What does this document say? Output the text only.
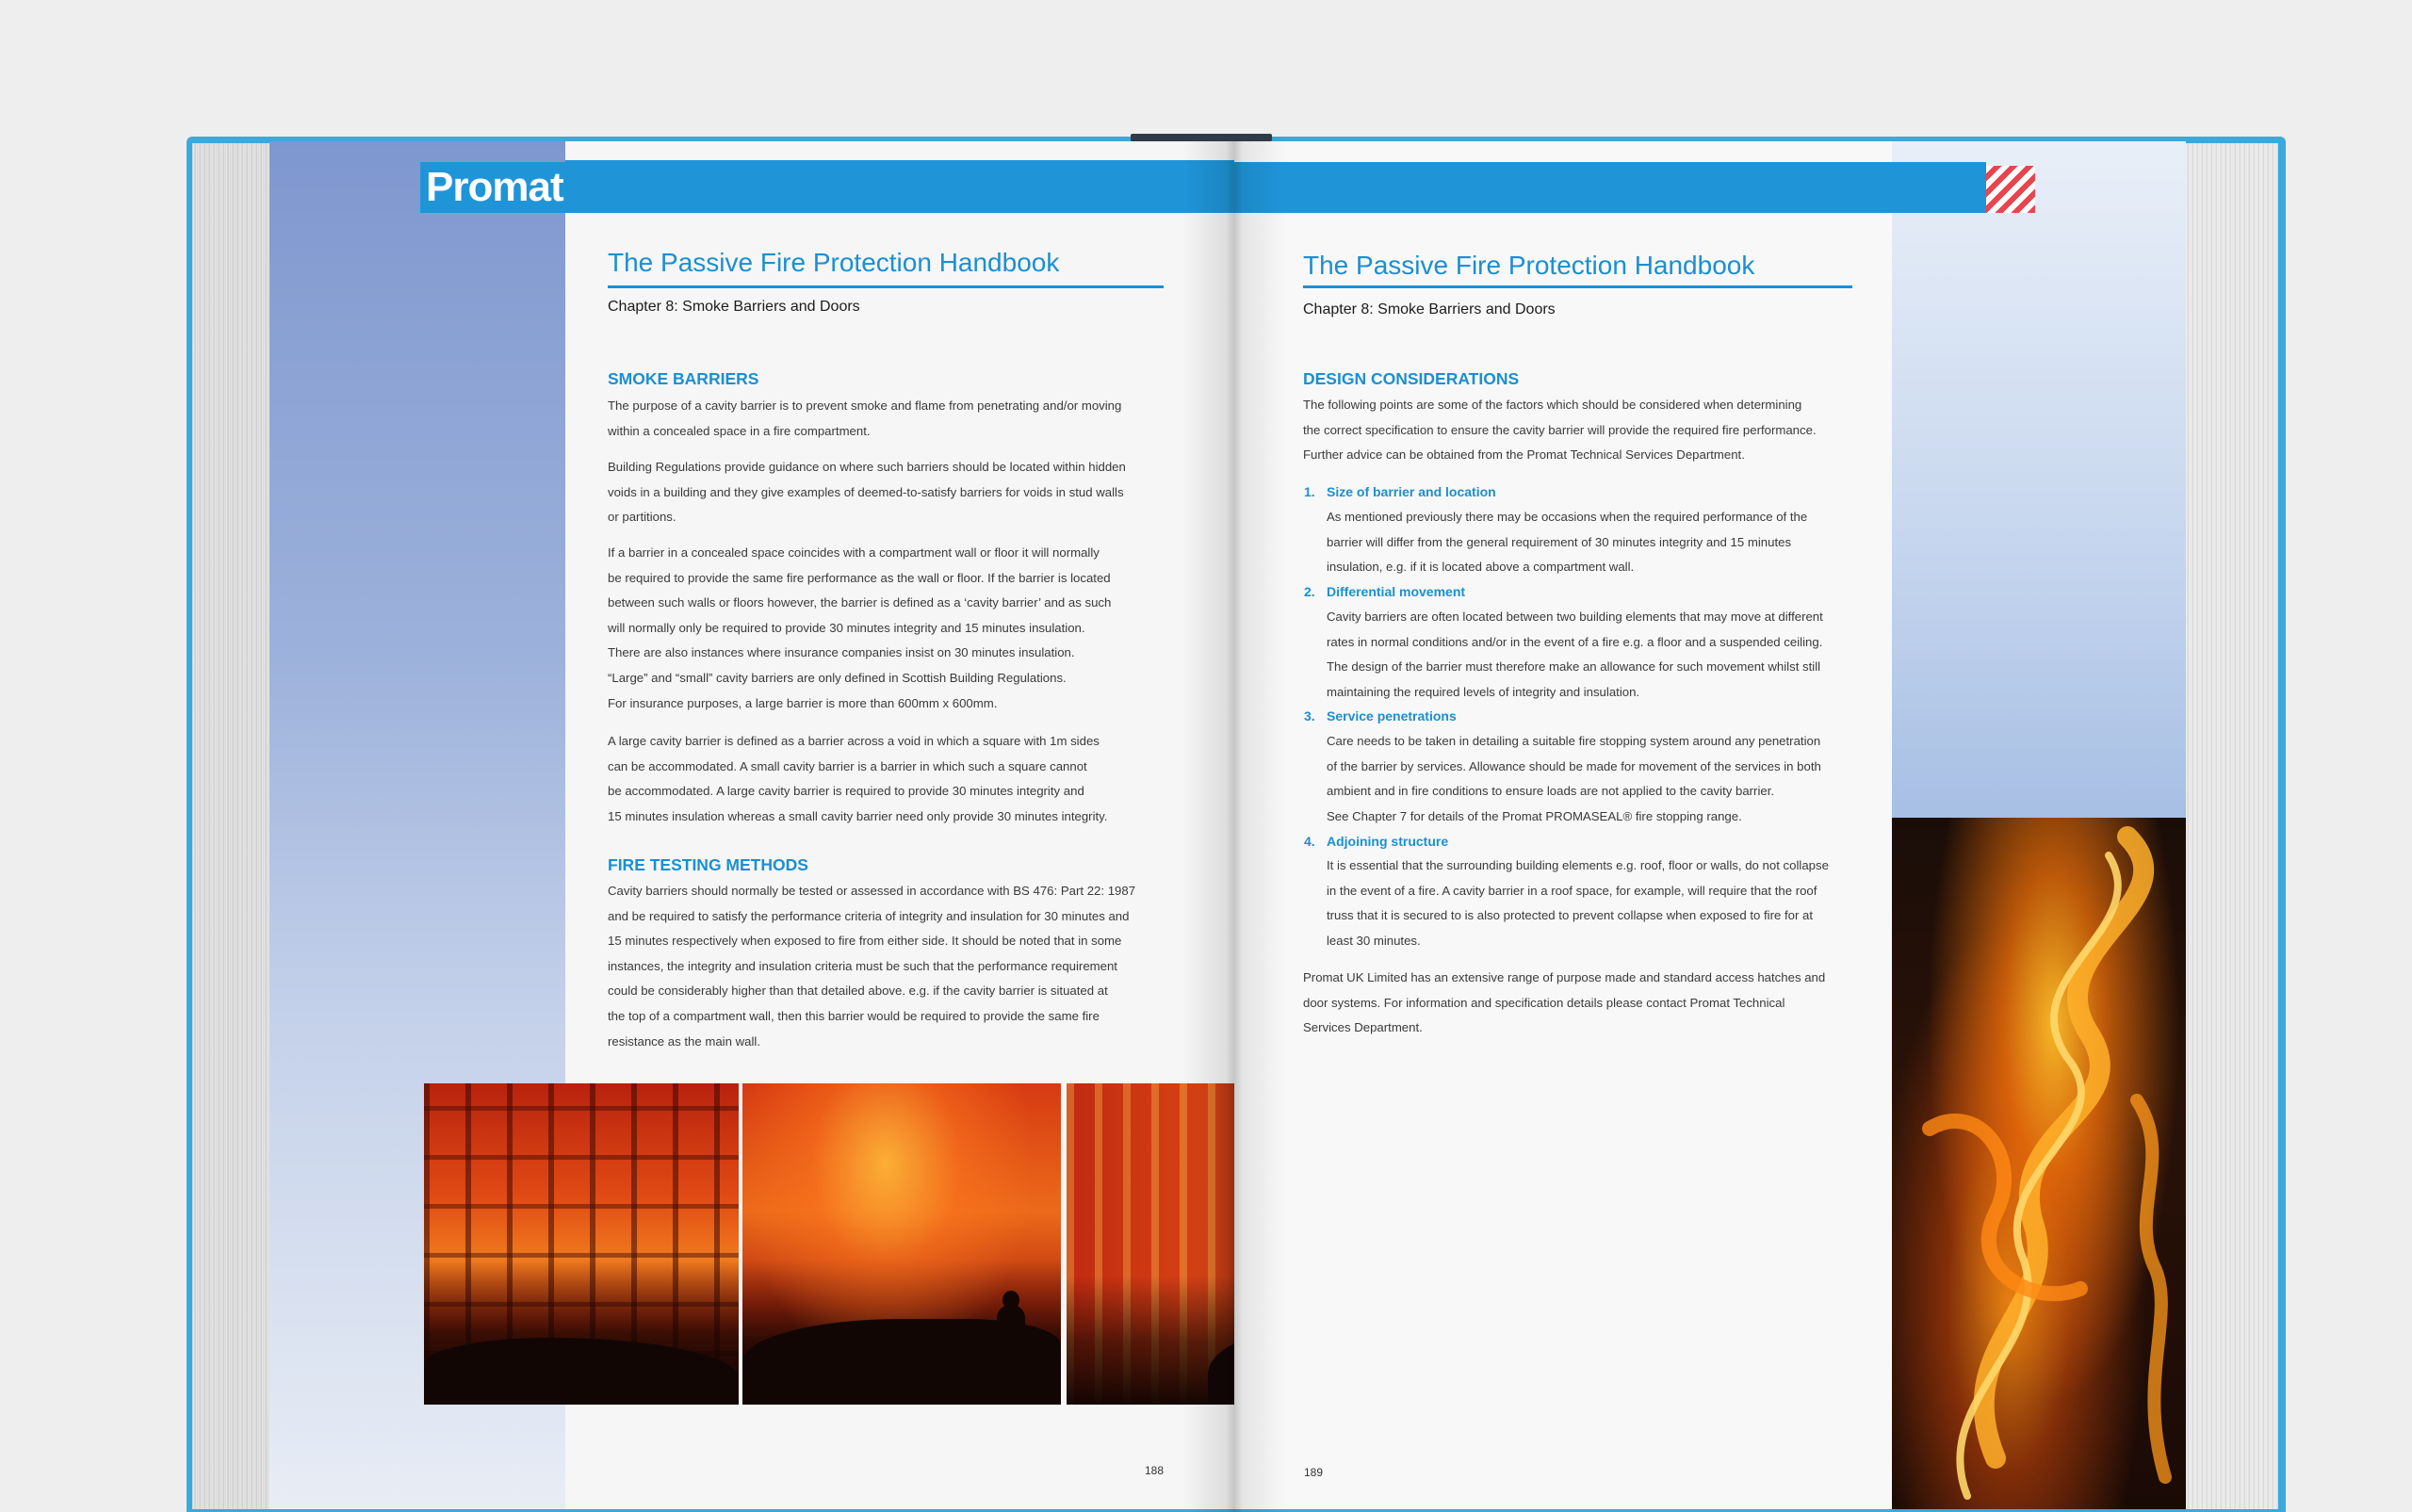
Promat
The Passive Fire Protection Handbook
Chapter 8: Smoke Barriers and Doors
SMOKE BARRIERS
The purpose of a cavity barrier is to prevent smoke and flame from penetrating and/or moving
within a concealed space in a fire compartment.
Building Regulations provide guidance on where such barriers should be located within hidden
voids in a building and they give examples of deemed-to-satisfy barriers for voids in stud walls
or partitions.
If a barrier in a concealed space coincides with a compartment wall or floor it will normally
be required to provide the same fire performance as the wall or floor. If the barrier is located
between such walls or floors however, the barrier is defined as a ‘cavity barrier’ and as such
will normally only be required to provide 30 minutes integrity and 15 minutes insulation.
There are also instances where insurance companies insist on 30 minutes insulation.
“Large” and “small” cavity barriers are only defined in Scottish Building Regulations.
For insurance purposes, a large barrier is more than 600mm x 600mm.
A large cavity barrier is defined as a barrier across a void in which a square with 1m sides
can be accommodated. A small cavity barrier is a barrier in which such a square cannot
be accommodated. A large cavity barrier is required to provide 30 minutes integrity and
15 minutes insulation whereas a small cavity barrier need only provide 30 minutes integrity.
FIRE TESTING METHODS
Cavity barriers should normally be tested or assessed in accordance with BS 476: Part 22: 1987
and be required to satisfy the performance criteria of integrity and insulation for 30 minutes and
15 minutes respectively when exposed to fire from either side. It should be noted that in some
instances, the integrity and insulation criteria must be such that the performance requirement
could be considerably higher than that detailed above. e.g. if the cavity barrier is situated at
the top of a compartment wall, then this barrier would be required to provide the same fire
resistance as the main wall.
188
The Passive Fire Protection Handbook
Chapter 8: Smoke Barriers and Doors
DESIGN CONSIDERATIONS
The following points are some of the factors which should be considered when determining
the correct specification to ensure the cavity barrier will provide the required fire performance.
Further advice can be obtained from the Promat Technical Services Department.
1. Size of barrier and location
As mentioned previously there may be occasions when the required performance of the
barrier will differ from the general requirement of 30 minutes integrity and 15 minutes
insulation, e.g. if it is located above a compartment wall.
2. Differential movement
Cavity barriers are often located between two building elements that may move at different
rates in normal conditions and/or in the event of a fire e.g. a floor and a suspended ceiling.
The design of the barrier must therefore make an allowance for such movement whilst still
maintaining the required levels of integrity and insulation.
3. Service penetrations
Care needs to be taken in detailing a suitable fire stopping system around any penetration
of the barrier by services. Allowance should be made for movement of the services in both
ambient and in fire conditions to ensure loads are not applied to the cavity barrier.
See Chapter 7 for details of the Promat PROMASEAL® fire stopping range.
4. Adjoining structure
It is essential that the surrounding building elements e.g. roof, floor or walls, do not collapse
in the event of a fire. A cavity barrier in a roof space, for example, will require that the roof
truss that it is secured to is also protected to prevent collapse when exposed to fire for at
least 30 minutes.
Promat UK Limited has an extensive range of purpose made and standard access hatches and
door systems. For information and specification details please contact Promat Technical
Services Department.
189
